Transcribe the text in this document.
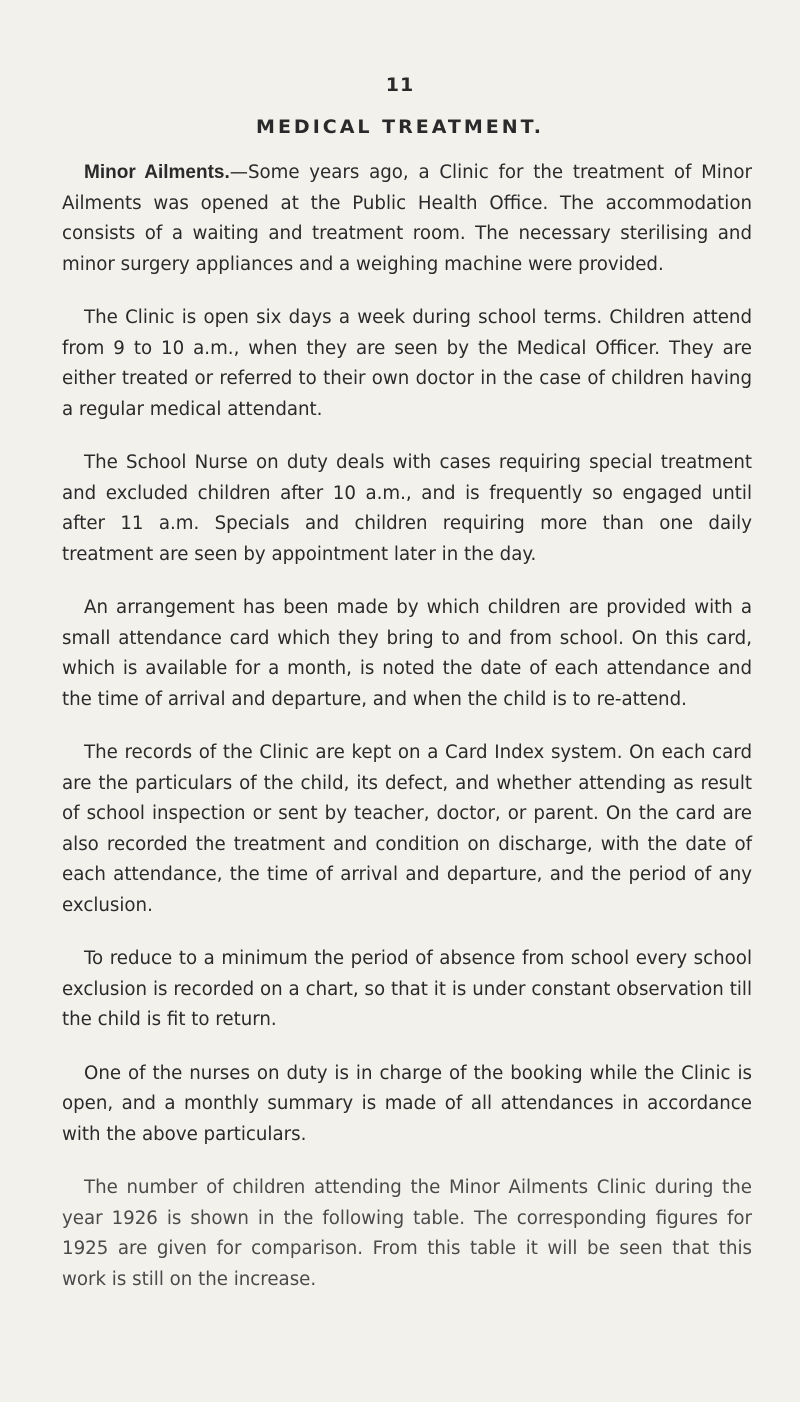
11
MEDICAL TREATMENT.

Minor Ailments.—Some years ago, a Clinic for the treatment of Minor Ailments was opened at the Public Health Office. The accommodation consists of a waiting and treatment room. The necessary sterilising and minor surgery appliances and a weighing machine were provided.

The Clinic is open six days a week during school terms. Children attend from 9 to 10 a.m., when they are seen by the Medical Officer. They are either treated or referred to their own doctor in the case of children having a regular medical attendant.

The School Nurse on duty deals with cases requiring special treatment and excluded children after 10 a.m., and is frequently so engaged until after 11 a.m. Specials and children requiring more than one daily treatment are seen by appointment later in the day.

An arrangement has been made by which children are provided with a small attendance card which they bring to and from school. On this card, which is available for a month, is noted the date of each attendance and the time of arrival and departure, and when the child is to re-attend.

The records of the Clinic are kept on a Card Index system. On each card are the particulars of the child, its defect, and whether attending as result of school inspection or sent by teacher, doctor, or parent. On the card are also recorded the treatment and condition on discharge, with the date of each attendance, the time of arrival and departure, and the period of any exclusion.

To reduce to a minimum the period of absence from school every school exclusion is recorded on a chart, so that it is under constant observation till the child is fit to return.

One of the nurses on duty is in charge of the booking while the Clinic is open, and a monthly summary is made of all attendances in accordance with the above particulars.

The number of children attending the Minor Ailments Clinic during the year 1926 is shown in the following table. The corresponding figures for 1925 are given for comparison. From this table it will be seen that this work is still on the increase.
